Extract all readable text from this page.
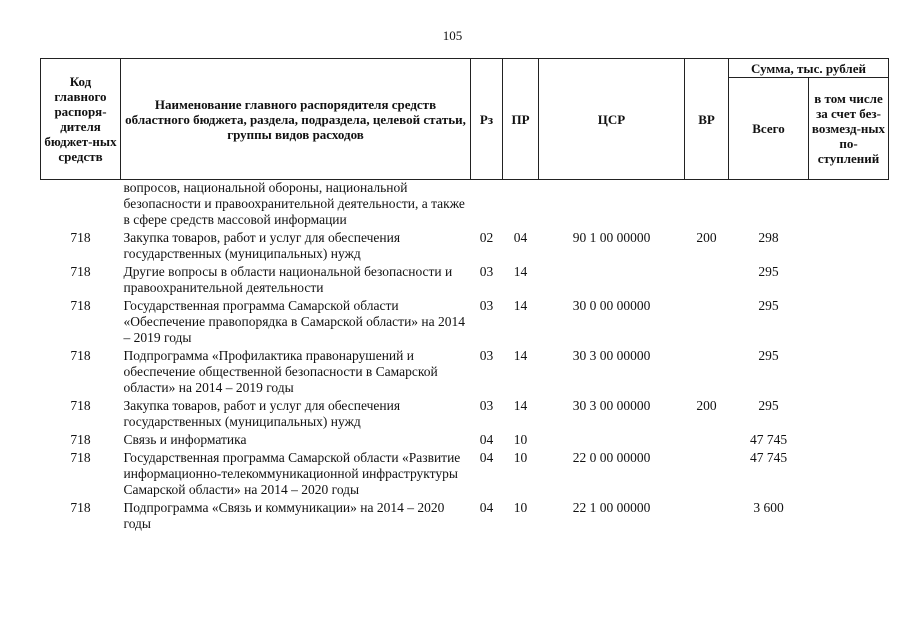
105
Код главного распоря-дителя бюджет-ных средств	Наименование главного распорядителя средств областного бюджета, раздела, подраздела, целевой статьи, группы видов расходов	Рз	ПР	ЦСР	ВР	Сумма, тыс. рублей	
						Всего	в том числе за счет без-возмезд-ных по-ступлений
	вопросов, национальной обороны, национальной безопасности и правоохранительной деятельности, а также в сфере средств массовой информации						
718	Закупка товаров, работ и услуг для обеспечения государственных (муниципальных) нужд	02	04	90 1 00 00000	200	298	
718	Другие вопросы в области национальной безопасности и правоохранительной деятельности	03	14			295	
718	Государственная программа Самарской области «Обеспечение правопорядка в Самарской области» на 2014 – 2019 годы	03	14	30 0 00 00000		295	
718	Подпрограмма «Профилактика правонарушений и обеспечение общественной безопасности в Самарской области» на 2014 – 2019 годы	03	14	30 3 00 00000		295	
718	Закупка товаров, работ и услуг для обеспечения государственных (муниципальных) нужд	03	14	30 3 00 00000	200	295	
718	Связь и информатика	04	10			47 745	
718	Государственная программа Самарской области «Развитие информационно-телекоммуникационной инфраструктуры Самарской области» на 2014 – 2020 годы	04	10	22 0 00 00000		47 745	
718	Подпрограмма «Связь и коммуникации» на 2014 – 2020 годы	04	10	22 1 00 00000		3 600	
